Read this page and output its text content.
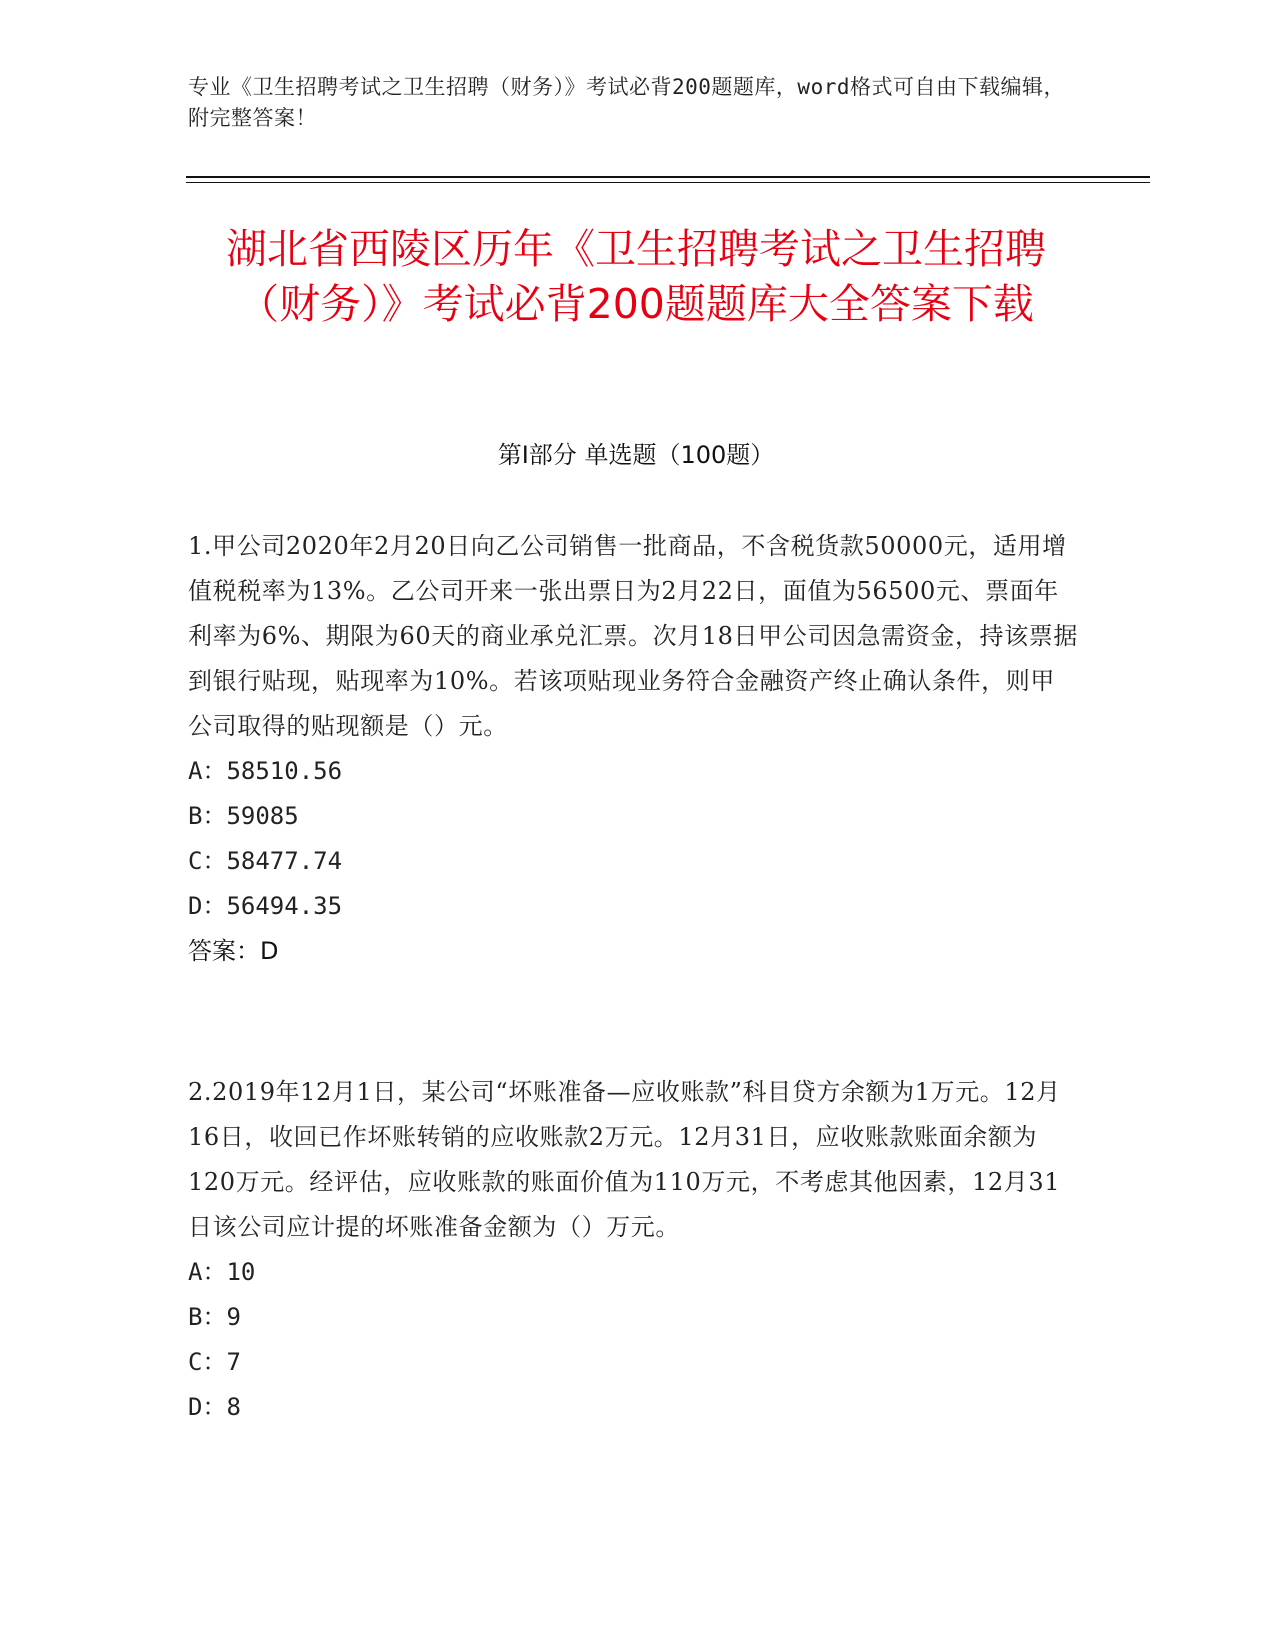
专业《卫生招聘考试之卫生招聘（财务）》考试必背200题题库，word格式可自由下载编辑，附完整答案！
湖北省西陵区历年《卫生招聘考试之卫生招聘（财务）》考试必背200题题库大全答案下载
第I部分 单选题（100题）

1.甲公司2020年2月20日向乙公司销售一批商品，不含税货款50000元，适用增值税税率为13%。乙公司开来一张出票日为2月22日，面值为56500元、票面年利率为6%、期限为60天的商业承兑汇票。次月18日甲公司因急需资金，持该票据到银行贴现，贴现率为10%。若该项贴现业务符合金融资产终止确认条件，则甲公司取得的贴现额是（）元。

A：58510.56

B：59085

C：58477.74

D：56494.35

答案：D

2.2019年12月1日，某公司“坏账准备—应收账款”科目贷方余额为1万元。12月16日，收回已作坏账转销的应收账款2万元。12月31日，应收账款账面余额为120万元。经评估，应收账款的账面价值为110万元，不考虑其他因素，12月31日该公司应计提的坏账准备金额为（）万元。

A：10

B：9

C：7

D：8
